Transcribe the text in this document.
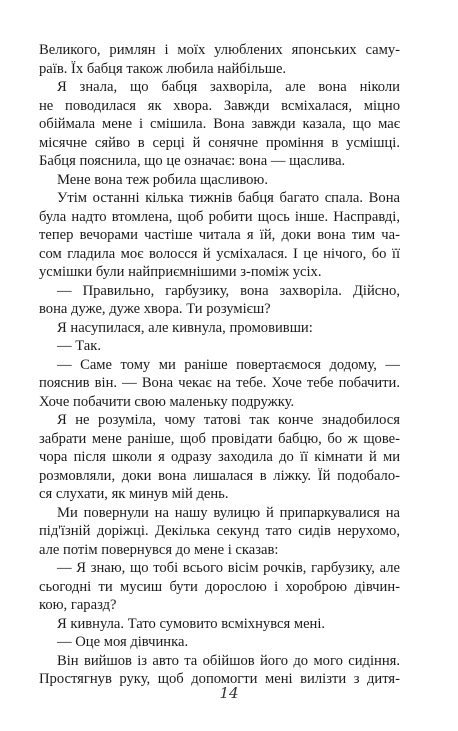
Великого, римлян і моїх улюблених японських саму-
раїв. Їх бабця також любила найбільше.
Я знала, що бабця захворіла, але вона ніколи
не поводилася як хвора. Завжди всміхалася, міцно
обіймала мене і смішила. Вона завжди казала, що має
місячне сяйво в серці й сонячне проміння в усмішці.
Бабця пояснила, що це означає: вона — щаслива.
Мене вона теж робила щасливою.
Утім останні кілька тижнів бабця багато спала. Вона
була надто втомлена, щоб робити щось інше. Насправді,
тепер вечорами частіше читала я їй, доки вона тим ча-
сом гладила моє волосся й усміхалася. І це нічого, бо її
усмішки були найприємнішими з-поміж усіх.
— Правильно, гарбузику, вона захворіла. Дійсно,
вона дуже, дуже хвора. Ти розумієш?
Я насупилася, але кивнула, промовивши:
— Так.
— Саме тому ми раніше повертаємося додому, —
пояснив він. — Вона чекає на тебе. Хоче тебе побачити.
Хоче побачити свою маленьку подружку.
Я не розуміла, чому татові так конче знадобилося
забрати мене раніше, щоб провідати бабцю, бо ж щове-
чора після школи я одразу заходила до її кімнати й ми
розмовляли, доки вона лишалася в ліжку. Їй подобало-
ся слухати, як минув мій день.
Ми повернули на нашу вулицю й припаркувалися на
під'їзній доріжці. Декілька секунд тато сидів нерухомо,
але потім повернувся до мене і сказав:
— Я знаю, що тобі всього вісім рочків, гарбузику, але
сьогодні ти мусиш бути дорослою і хороброю дівчин-
кою, гаразд?
Я кивнула. Тато сумовито всміхнувся мені.
— Оце моя дівчинка.
Він вийшов із авто та обійшов його до мого сидіння.
Простягнув руку, щоб допомогти мені вилізти з дитя-
14
